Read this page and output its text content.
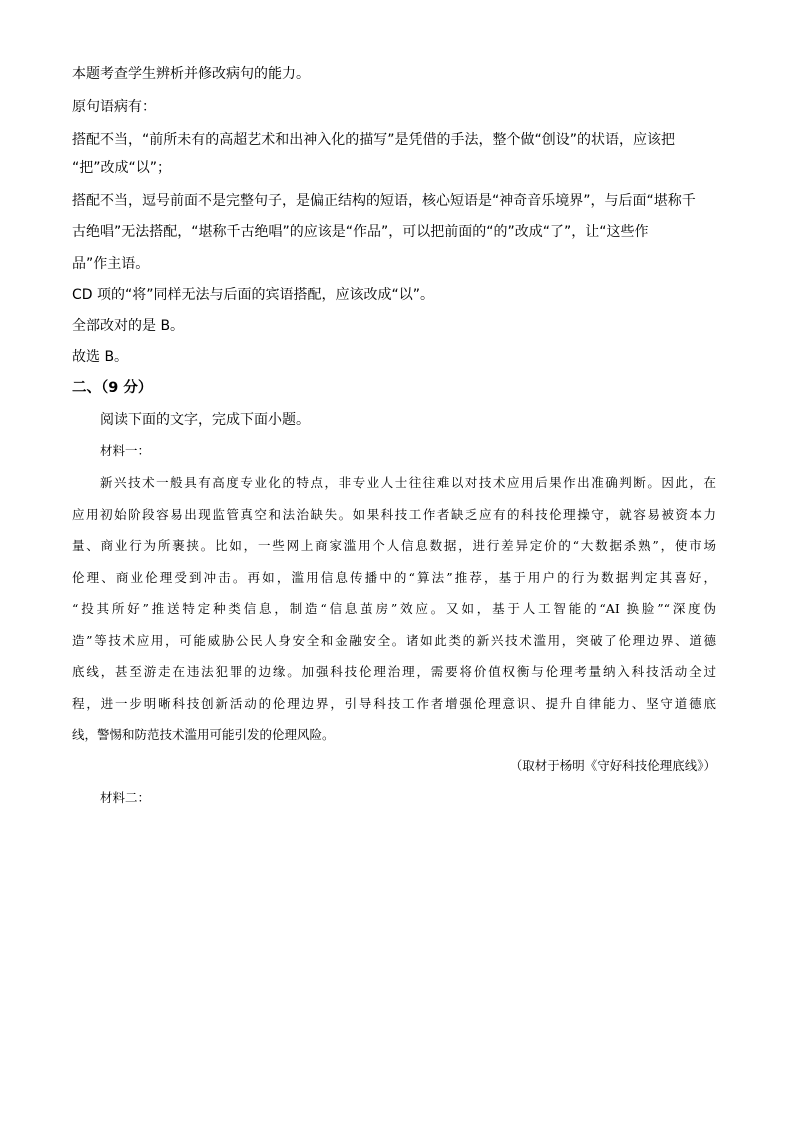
本题考查学生辨析并修改病句的能力。

原句语病有：

搭配不当，“前所未有的高超艺术和出神入化的描写”是凭借的手法，整个做“创设”的状语，应该把

“把”改成“以”；

搭配不当，逗号前面不是完整句子，是偏正结构的短语，核心短语是“神奇音乐境界”，与后面“堪称千

古绝唱”无法搭配，“堪称千古绝唱”的应该是“作品”，可以把前面的“的”改成“了”，让“这些作

品”作主语。

CD 项的“将”同样无法与后面的宾语搭配，应该改成“以”。

全部改对的是 B。

故选 B。

二、（9 分）

阅读下面的文字，完成下面小题。

材料一：

新兴技术一般具有高度专业化的特点，非专业人士往往难以对技术应用后果作出准确判断。因此，在

应用初始阶段容易出现监管真空和法治缺失。如果科技工作者缺乏应有的科技伦理操守，就容易被资本力

量、商业行为所裹挟。比如，一些网上商家滥用个人信息数据，进行差异定价的“大数据杀熟”，使市场

伦理、商业伦理受到冲击。再如，滥用信息传播中的“算法”推荐，基于用户的行为数据判定其喜好，

“投其所好”推送特定种类信息，制造“信息茧房”效应。又如，基于人工智能的“AI 换脸”“深度伪

造”等技术应用，可能威胁公民人身安全和金融安全。诸如此类的新兴技术滥用，突破了伦理边界、道德

底线，甚至游走在违法犯罪的边缘。加强科技伦理治理，需要将价值权衡与伦理考量纳入科技活动全过

程，进一步明晰科技创新活动的伦理边界，引导科技工作者增强伦理意识、提升自律能力、坚守道德底

线，警惕和防范技术滥用可能引发的伦理风险。

（取材于杨明《守好科技伦理底线》）

材料二：
